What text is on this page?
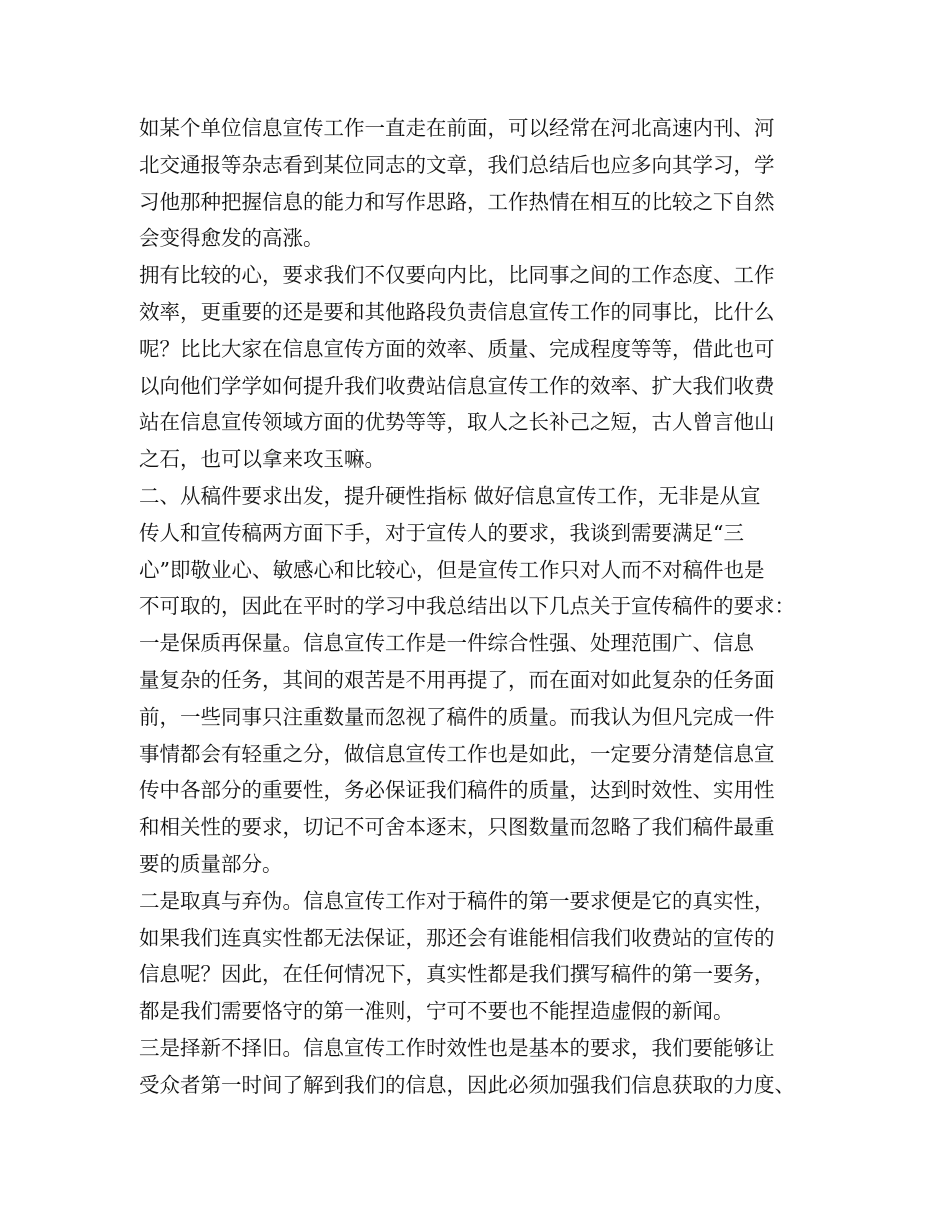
如某个单位信息宣传工作一直走在前面，可以经常在河北高速内刊、河
北交通报等杂志看到某位同志的文章，我们总结后也应多向其学习，学
习他那种把握信息的能力和写作思路，工作热情在相互的比较之下自然
会变得愈发的高涨。
拥有比较的心，要求我们不仅要向内比，比同事之间的工作态度、工作
效率，更重要的还是要和其他路段负责信息宣传工作的同事比，比什么
呢？比比大家在信息宣传方面的效率、质量、完成程度等等，借此也可
以向他们学学如何提升我们收费站信息宣传工作的效率、扩大我们收费
站在信息宣传领域方面的优势等等，取人之长补己之短，古人曾言他山
之石，也可以拿来攻玉嘛。
二、从稿件要求出发，提升硬性指标 做好信息宣传工作，无非是从宣
传人和宣传稿两方面下手，对于宣传人的要求，我谈到需要满足“三
心”即敬业心、敏感心和比较心，但是宣传工作只对人而不对稿件也是
不可取的，因此在平时的学习中我总结出以下几点关于宣传稿件的要求：
一是保质再保量。信息宣传工作是一件综合性强、处理范围广、信息
量复杂的任务，其间的艰苦是不用再提了，而在面对如此复杂的任务面
前，一些同事只注重数量而忽视了稿件的质量。而我认为但凡完成一件
事情都会有轻重之分，做信息宣传工作也是如此，一定要分清楚信息宣
传中各部分的重要性，务必保证我们稿件的质量，达到时效性、实用性
和相关性的要求，切记不可舍本逐末，只图数量而忽略了我们稿件最重
要的质量部分。
二是取真与弃伪。信息宣传工作对于稿件的第一要求便是它的真实性，
如果我们连真实性都无法保证，那还会有谁能相信我们收费站的宣传的
信息呢？因此，在任何情况下，真实性都是我们撰写稿件的第一要务，
都是我们需要恪守的第一准则，宁可不要也不能捏造虚假的新闻。
三是择新不择旧。信息宣传工作时效性也是基本的要求，我们要能够让
受众者第一时间了解到我们的信息，因此必须加强我们信息获取的力度、
